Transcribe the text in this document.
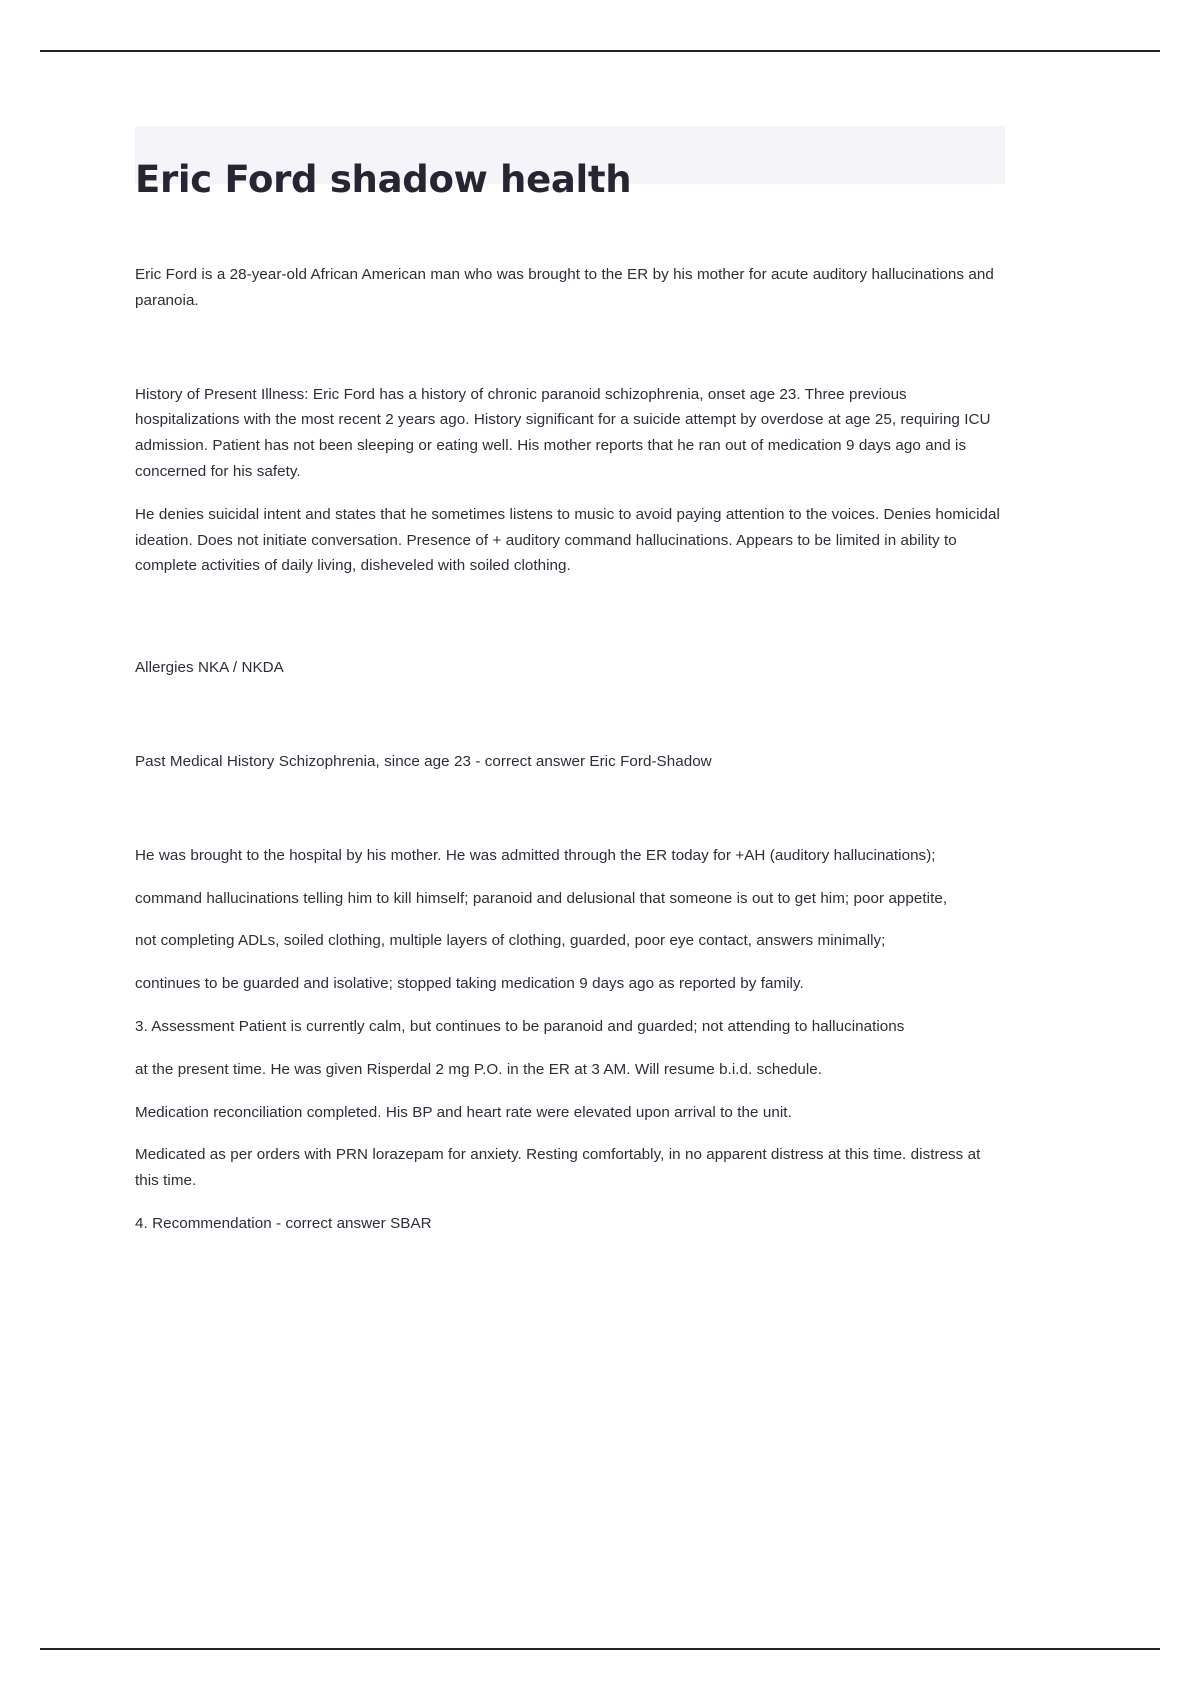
Eric Ford shadow health

Eric Ford is a 28-year-old African American man who was brought to the ER by his mother for acute auditory hallucinations and paranoia.

History of Present Illness: Eric Ford has a history of chronic paranoid schizophrenia, onset age 23. Three previous hospitalizations with the most recent 2 years ago. History significant for a suicide attempt by overdose at age 25, requiring ICU admission. Patient has not been sleeping or eating well. His mother reports that he ran out of medication 9 days ago and is concerned for his safety.

He denies suicidal intent and states that he sometimes listens to music to avoid paying attention to the voices. Denies homicidal ideation. Does not initiate conversation. Presence of + auditory command hallucinations. Appears to be limited in ability to complete activities of daily living, disheveled with soiled clothing.

Allergies NKA / NKDA

Past Medical History Schizophrenia, since age 23 - correct answer Eric Ford-Shadow

He was brought to the hospital by his mother. He was admitted through the ER today for +AH (auditory hallucinations);

command hallucinations telling him to kill himself; paranoid and delusional that someone is out to get him; poor appetite,

not completing ADLs, soiled clothing, multiple layers of clothing, guarded, poor eye contact, answers minimally;

continues to be guarded and isolative; stopped taking medication 9 days ago as reported by family.

3. Assessment Patient is currently calm, but continues to be paranoid and guarded; not attending to hallucinations

at the present time. He was given Risperdal 2 mg P.O. in the ER at 3 AM. Will resume b.i.d. schedule.

Medication reconciliation completed. His BP and heart rate were elevated upon arrival to the unit.

Medicated as per orders with PRN lorazepam for anxiety. Resting comfortably, in no apparent distress at this time. distress at this time.

4. Recommendation - correct answer SBAR
